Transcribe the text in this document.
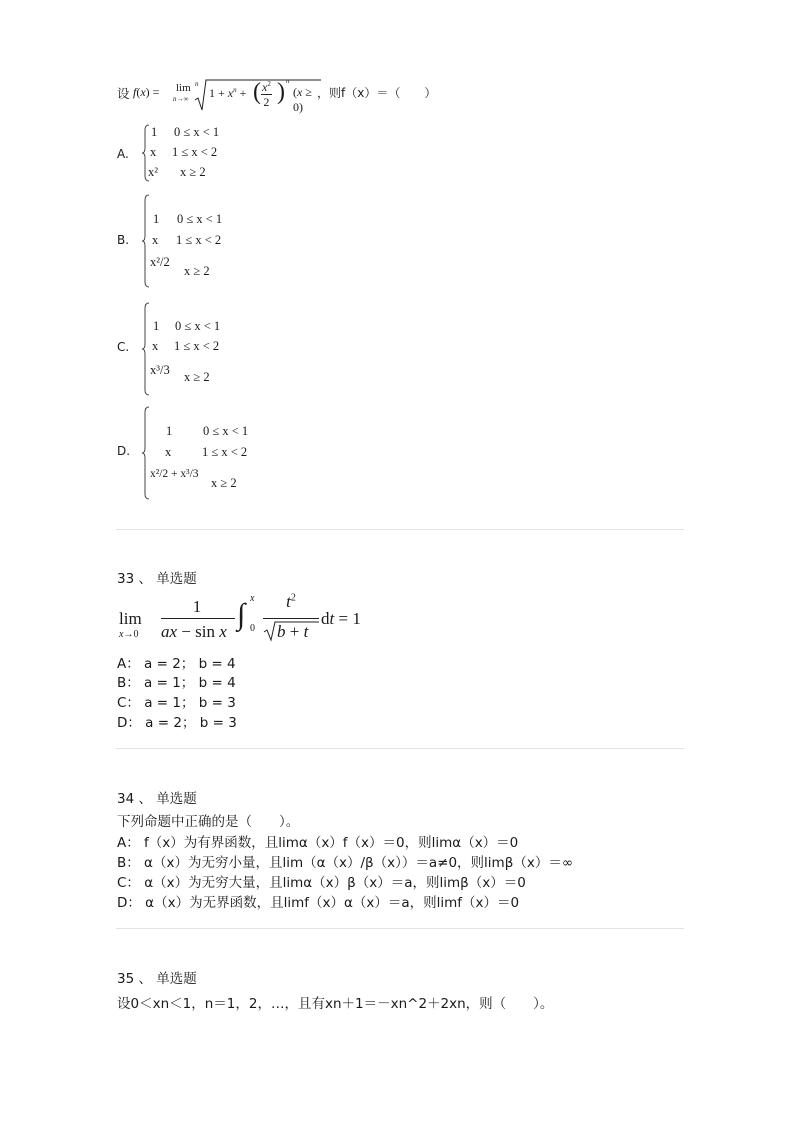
设 f(x) = lim
n→∞
n
$1 + x^n$ + ( $\frac{x^2}{2}$ ) n
(x ≥ 0)
，则f（x）＝（　　）
A.
1 0 ≤ x < 1
x 1 ≤ x < 2
x² x ≥ 2
B.
1 0 ≤ x < 1
x 1 ≤ x < 2
x²/2
x ≥ 2
C.
1 0 ≤ x < 1
x 1 ≤ x < 2
x³/3 x ≥ 2
D.
1 0 ≤ x < 1
x 1 ≤ x < 2
x²/2 + x³/3
x ≥ 2
33 、 单选题
lim
x→0
1
ax − sin x
∫ x
0
$t^2$
b + t
dt = 1
A： a = 2； b = 4
B： a = 1； b = 4
C： a = 1； b = 3
D： a = 2； b = 3
34 、 单选题
下列命题中正确的是（　　）。
A： f（x）为有界函数，且limα（x）f（x）＝0，则limα（x）＝0
B： α（x）为无穷小量，且lim（α（x）/β（x））＝a≠0，则limβ（x）＝∞
C： α（x）为无穷大量，且limα（x）β（x）＝a，则limβ（x）＝0
D： α（x）为无界函数，且limf（x）α（x）＝a，则limf（x）＝0
35 、 单选题
设0＜xn＜1，n＝1，2，…，且有xn＋1＝－xn^2＋2xn，则（　　）。
